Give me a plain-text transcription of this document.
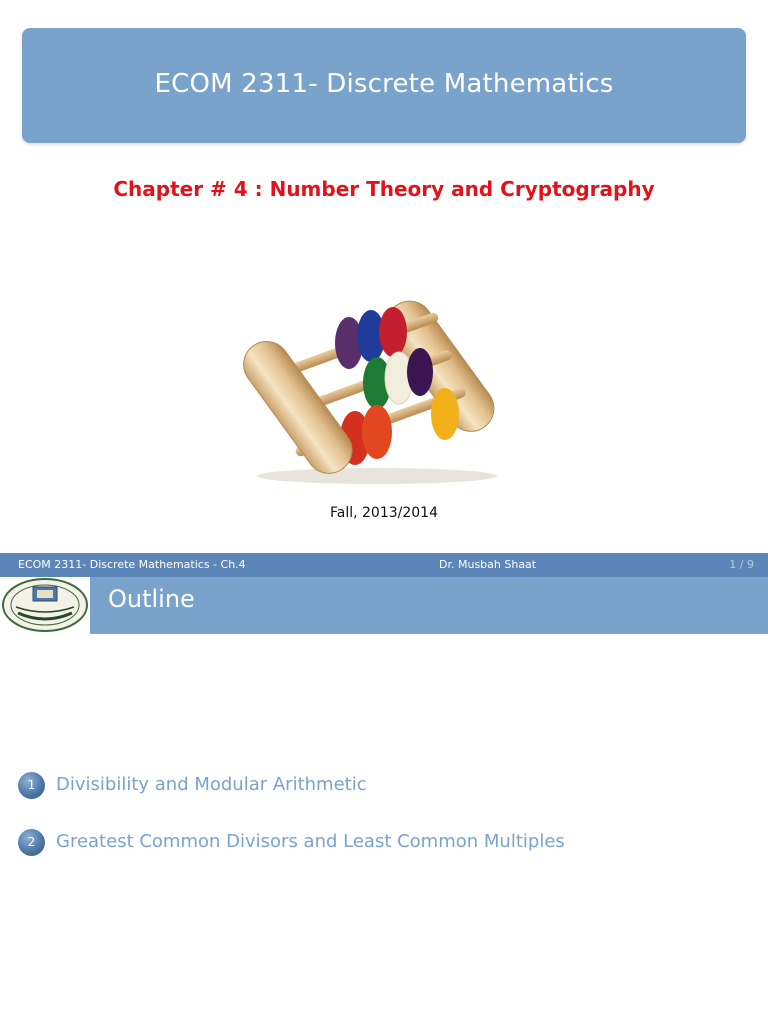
ECOM 2311- Discrete Mathematics
Chapter # 4 : Number Theory and Cryptography
Fall, 2013/2014
ECOM 2311- Discrete Mathematics - Ch.4	Dr. Musbah Shaat	1 / 9
Outline
1	Divisibility and Modular Arithmetic
2	Greatest Common Divisors and Least Common Multiples
